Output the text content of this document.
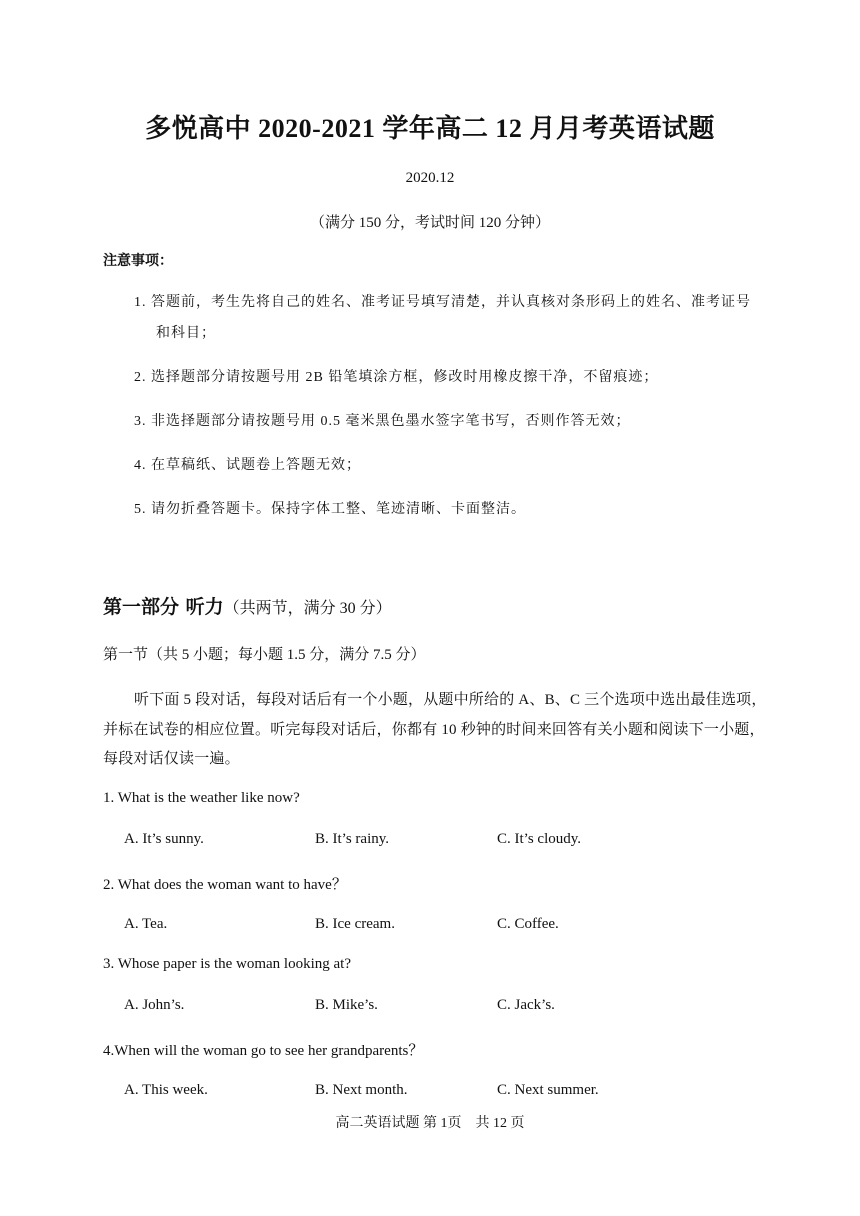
多悦高中 2020-2021 学年高二 12 月月考英语试题
2020.12
（满分 150 分，考试时间 120 分钟）
注意事项：
1. 答题前，考生先将自己的姓名、准考证号填写清楚，并认真核对条形码上的姓名、准考证号
和科目；
2. 选择题部分请按题号用 2B 铅笔填涂方框，修改时用橡皮擦干净，不留痕迹；
3. 非选择题部分请按题号用 0.5 毫米黑色墨水签字笔书写，否则作答无效；
4. 在草稿纸、试题卷上答题无效；
5. 请勿折叠答题卡。保持字体工整、笔迹清晰、卡面整洁。
第一部分 听力（共两节，满分 30 分）
第一节（共 5 小题；每小题 1.5 分，满分 7.5 分）
听下面 5 段对话，每段对话后有一个小题，从题中所给的 A、B、C 三个选项中选出最佳选项，
并标在试卷的相应位置。听完每段对话后，你都有 10 秒钟的时间来回答有关小题和阅读下一小题，
每段对话仅读一遍。
1. What is the weather like now?
A. It’s sunny.	B. It’s rainy.	C. It’s cloudy.
2. What does the woman want to have？
A. Tea.	B. Ice cream.	C. Coffee.
3. Whose paper is the woman looking at?
A. John’s.	B. Mike’s.	C. Jack’s.
4.When will the woman go to see her grandparents？
A. This week.	B. Next month.	C. Next summer.
高二英语试题 第 1页　共 12 页
